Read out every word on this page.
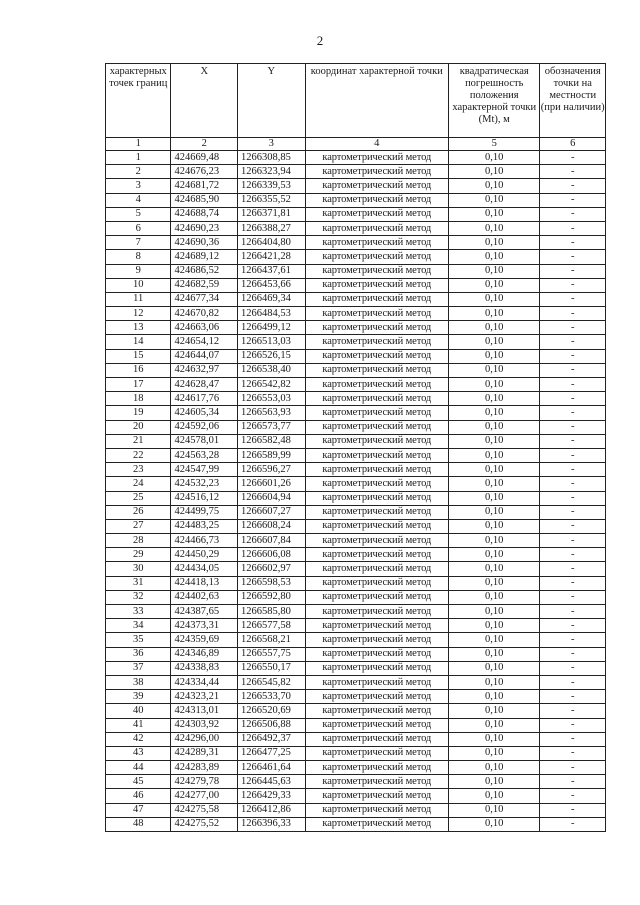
2
характерных точек границ	X	Y	координат характерной точки	квадратическая погрешность положения характерной точки (Mt), м	обозначения точки на местности (при наличии)
1	2	3	4	5	6
1	424669,48	1266308,85	картометрический метод	0,10	-
2	424676,23	1266323,94	картометрический метод	0,10	-
3	424681,72	1266339,53	картометрический метод	0,10	-
4	424685,90	1266355,52	картометрический метод	0,10	-
5	424688,74	1266371,81	картометрический метод	0,10	-
6	424690,23	1266388,27	картометрический метод	0,10	-
7	424690,36	1266404,80	картометрический метод	0,10	-
8	424689,12	1266421,28	картометрический метод	0,10	-
9	424686,52	1266437,61	картометрический метод	0,10	-
10	424682,59	1266453,66	картометрический метод	0,10	-
11	424677,34	1266469,34	картометрический метод	0,10	-
12	424670,82	1266484,53	картометрический метод	0,10	-
13	424663,06	1266499,12	картометрический метод	0,10	-
14	424654,12	1266513,03	картометрический метод	0,10	-
15	424644,07	1266526,15	картометрический метод	0,10	-
16	424632,97	1266538,40	картометрический метод	0,10	-
17	424628,47	1266542,82	картометрический метод	0,10	-
18	424617,76	1266553,03	картометрический метод	0,10	-
19	424605,34	1266563,93	картометрический метод	0,10	-
20	424592,06	1266573,77	картометрический метод	0,10	-
21	424578,01	1266582,48	картометрический метод	0,10	-
22	424563,28	1266589,99	картометрический метод	0,10	-
23	424547,99	1266596,27	картометрический метод	0,10	-
24	424532,23	1266601,26	картометрический метод	0,10	-
25	424516,12	1266604,94	картометрический метод	0,10	-
26	424499,75	1266607,27	картометрический метод	0,10	-
27	424483,25	1266608,24	картометрический метод	0,10	-
28	424466,73	1266607,84	картометрический метод	0,10	-
29	424450,29	1266606,08	картометрический метод	0,10	-
30	424434,05	1266602,97	картометрический метод	0,10	-
31	424418,13	1266598,53	картометрический метод	0,10	-
32	424402,63	1266592,80	картометрический метод	0,10	-
33	424387,65	1266585,80	картометрический метод	0,10	-
34	424373,31	1266577,58	картометрический метод	0,10	-
35	424359,69	1266568,21	картометрический метод	0,10	-
36	424346,89	1266557,75	картометрический метод	0,10	-
37	424338,83	1266550,17	картометрический метод	0,10	-
38	424334,44	1266545,82	картометрический метод	0,10	-
39	424323,21	1266533,70	картометрический метод	0,10	-
40	424313,01	1266520,69	картометрический метод	0,10	-
41	424303,92	1266506,88	картометрический метод	0,10	-
42	424296,00	1266492,37	картометрический метод	0,10	-
43	424289,31	1266477,25	картометрический метод	0,10	-
44	424283,89	1266461,64	картометрический метод	0,10	-
45	424279,78	1266445,63	картометрический метод	0,10	-
46	424277,00	1266429,33	картометрический метод	0,10	-
47	424275,58	1266412,86	картометрический метод	0,10	-
48	424275,52	1266396,33	картометрический метод	0,10	-
